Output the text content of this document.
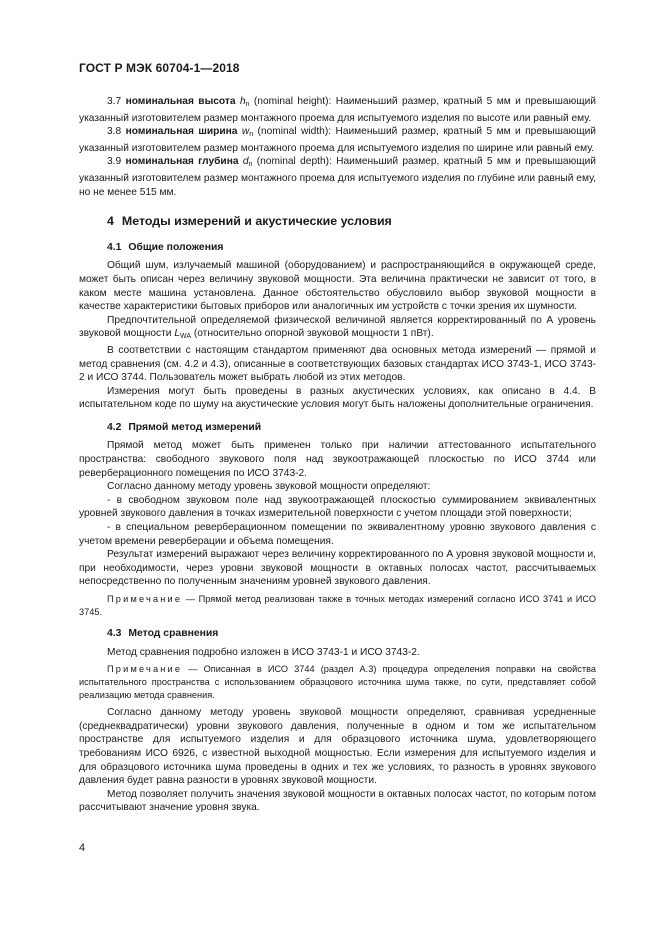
ГОСТ Р МЭК 60704-1—2018

3.7 номинальная высота $h_n$ (nominal height): Наименьший размер, кратный 5 мм и превышающий указанный изготовителем размер монтажного проема для испытуемого изделия по высоте или равный ему.

3.8 номинальная ширина $w_n$ (nominal width): Наименьший размер, кратный 5 мм и превышающий указанный изготовителем размер монтажного проема для испытуемого изделия по ширине или равный ему.

3.9 номинальная глубина $d_n$ (nominal depth): Наименьший размер, кратный 5 мм и превышающий указанный изготовителем размер монтажного проема для испытуемого изделия по глубине или равный ему, но не менее 515 мм.

4 Методы измерений и акустические условия
4.1 Общие положения

Общий шум, излучаемый машиной (оборудованием) и распространяющийся в окружающей среде, может быть описан через величину звуковой мощности. Эта величина практически не зависит от того, в каком месте машина установлена. Данное обстоятельство обусловило выбор звуковой мощности в качестве характеристики бытовых приборов или аналогичных им устройств с точки зрения их шумности.

Предпочтительной определяемой физической величиной является корректированный по А уровень звуковой мощности $L_{WA}$ (относительно опорной звуковой мощности 1 пВт).

В соответствии с настоящим стандартом применяют два основных метода измерений — прямой и метод сравнения (см. 4.2 и 4.3), описанные в соответствующих базовых стандартах ИСО 3743-1, ИСО 3743-2 и ИСО 3744. Пользователь может выбрать любой из этих методов.

Измерения могут быть проведены в разных акустических условиях, как описано в 4.4. В испытательном коде по шуму на акустические условия могут быть наложены дополнительные ограничения.

4.2 Прямой метод измерений

Прямой метод может быть применен только при наличии аттестованного испытательного пространства: свободного звукового поля над звукоотражающей плоскостью по ИСО 3744 или реверберационного помещения по ИСО 3743-2.

Согласно данному методу уровень звуковой мощности определяют:

- в свободном звуковом поле над звукоотражающей плоскостью суммированием эквивалентных уровней звукового давления в точках измерительной поверхности с учетом площади этой поверхности;

- в специальном реверберационном помещении по эквивалентному уровню звукового давления с учетом времени реверберации и объема помещения.

Результат измерений выражают через величину корректированного по А уровня звуковой мощности и, при необходимости, через уровни звуковой мощности в октавных полосах частот, рассчитываемых непосредственно по полученным значениям уровней звукового давления.

Примечание — Прямой метод реализован также в точных методах измерений согласно ИСО 3741 и ИСО 3745.

4.3 Метод сравнения

Метод сравнения подробно изложен в ИСО 3743-1 и ИСО 3743-2.

Примечание — Описанная в ИСО 3744 (раздел А.3) процедура определения поправки на свойства испытательного пространства с использованием образцового источника шума также, по сути, представляет собой реализацию метода сравнения.

Согласно данному методу уровень звуковой мощности определяют, сравнивая усредненные (среднеквадратически) уровни звукового давления, полученные в одном и том же испытательном пространстве для испытуемого изделия и для образцового источника шума, удовлетворяющего требованиям ИСО 6926, с известной выходной мощностью. Если измерения для испытуемого изделия и для образцового источника шума проведены в одних и тех же условиях, то разность в уровнях звукового давления будет равна разности в уровнях звуковой мощности.

Метод позволяет получить значения звуковой мощности в октавных полосах частот, по которым потом рассчитывают значение уровня звука.

4
